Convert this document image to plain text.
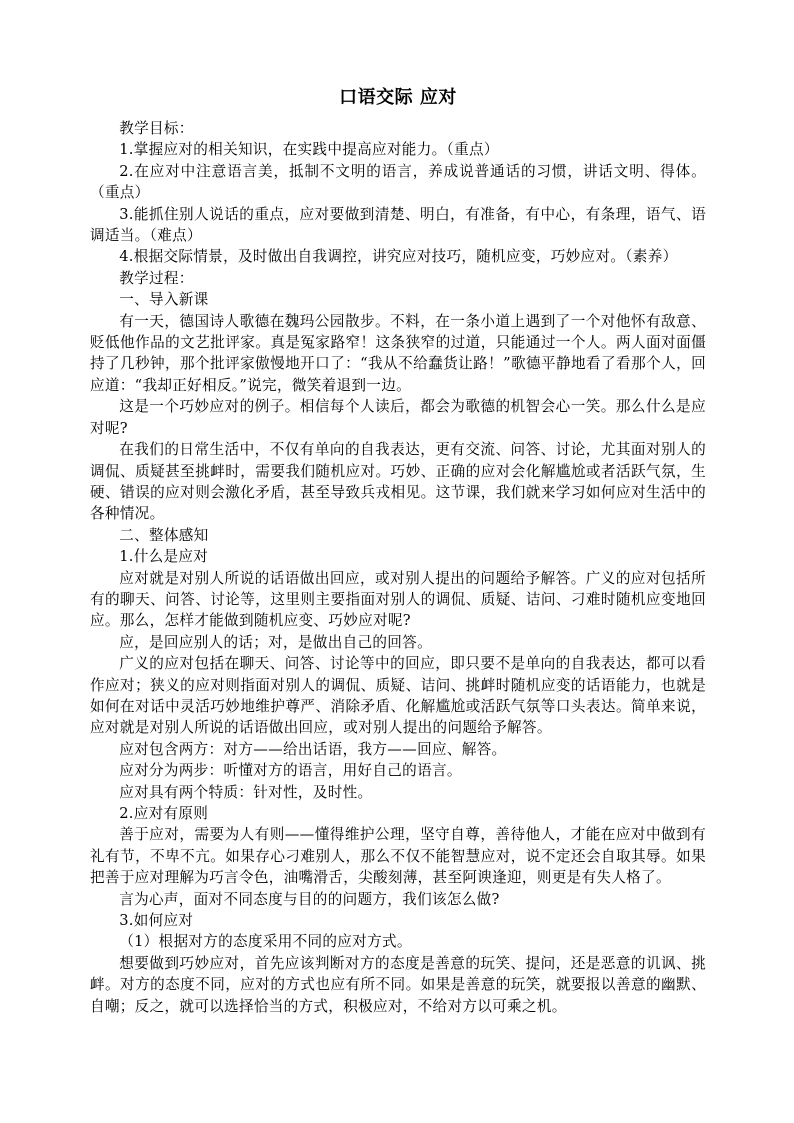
口语交际 应对

教学目标：

1.掌握应对的相关知识，在实践中提高应对能力。（重点）

2.在应对中注意语言美，抵制不文明的语言，养成说普通话的习惯，讲话文明、得体。（重点）

3.能抓住别人说话的重点，应对要做到清楚、明白，有准备，有中心，有条理，语气、语调适当。（难点）

4.根据交际情景，及时做出自我调控，讲究应对技巧，随机应变，巧妙应对。（素养）

教学过程：

一、导入新课

有一天，德国诗人歌德在魏玛公园散步。不料，在一条小道上遇到了一个对他怀有敌意、贬低他作品的文艺批评家。真是冤家路窄！这条狭窄的过道，只能通过一个人。两人面对面僵持了几秒钟，那个批评家傲慢地开口了：“我从不给蠢货让路！”歌德平静地看了看那个人，回应道：“我却正好相反。”说完，微笑着退到一边。

这是一个巧妙应对的例子。相信每个人读后，都会为歌德的机智会心一笑。那么什么是应对呢?

在我们的日常生活中，不仅有单向的自我表达，更有交流、问答、讨论，尤其面对别人的调侃、质疑甚至挑衅时，需要我们随机应对。巧妙、正确的应对会化解尴尬或者活跃气氛，生硬、错误的应对则会激化矛盾，甚至导致兵戎相见。这节课，我们就来学习如何应对生活中的各种情况。

二、整体感知

1.什么是应对

应对就是对别人所说的话语做出回应，或对别人提出的问题给予解答。广义的应对包括所有的聊天、问答、讨论等，这里则主要指面对别人的调侃、质疑、诘问、刁难时随机应变地回应。那么，怎样才能做到随机应变、巧妙应对呢?

应，是回应别人的话；对，是做出自己的回答。

广义的应对包括在聊天、问答、讨论等中的回应，即只要不是单向的自我表达，都可以看作应对；狭义的应对则指面对别人的调侃、质疑、诘问、挑衅时随机应变的话语能力，也就是如何在对话中灵活巧妙地维护尊严、消除矛盾、化解尴尬或活跃气氛等口头表达。简单来说，应对就是对别人所说的话语做出回应，或对别人提出的问题给予解答。

应对包含两方：对方——给出话语，我方——回应、解答。

应对分为两步：听懂对方的语言，用好自己的语言。

应对具有两个特质：针对性，及时性。

2.应对有原则

善于应对，需要为人有则——懂得维护公理，坚守自尊，善待他人，才能在应对中做到有礼有节，不卑不亢。如果存心刁难别人，那么不仅不能智慧应对，说不定还会自取其辱。如果把善于应对理解为巧言令色，油嘴滑舌，尖酸刻薄，甚至阿谀逢迎，则更是有失人格了。

言为心声，面对不同态度与目的的问题方，我们该怎么做?

3.如何应对

（1）根据对方的态度采用不同的应对方式。

想要做到巧妙应对，首先应该判断对方的态度是善意的玩笑、提问，还是恶意的讥讽、挑衅。对方的态度不同，应对的方式也应有所不同。如果是善意的玩笑，就要报以善意的幽默、自嘲；反之，就可以选择恰当的方式，积极应对，不给对方以可乘之机。
